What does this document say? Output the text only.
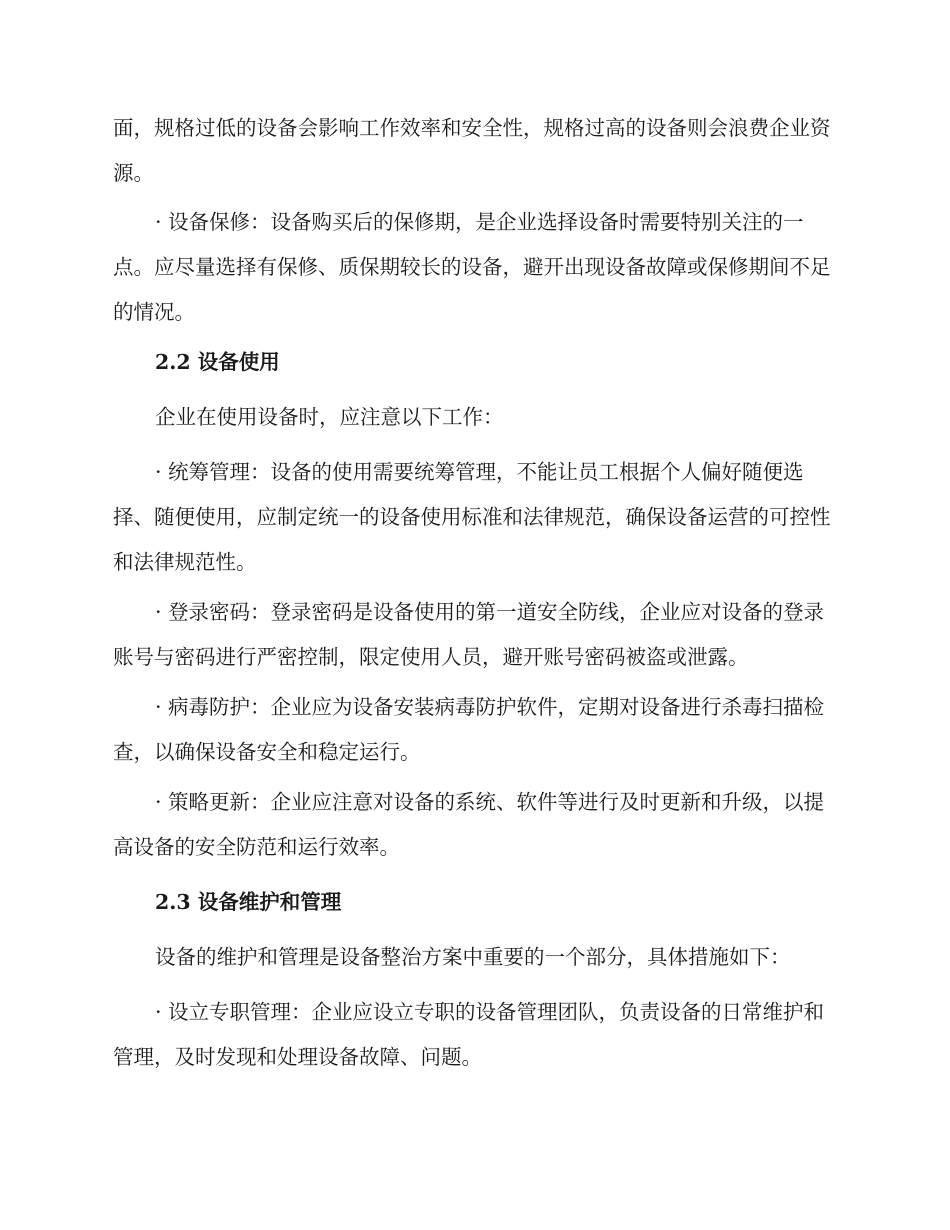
面，规格过低的设备会影响工作效率和安全性，规格过高的设备则会浪费企业资源。

· 设备保修：设备购买后的保修期，是企业选择设备时需要特别关注的一点。应尽量选择有保修、质保期较长的设备，避开出现设备故障或保修期间不足的情况。

2.2 设备使用

企业在使用设备时，应注意以下工作：

· 统筹管理：设备的使用需要统筹管理，不能让员工根据个人偏好随便选择、随便使用，应制定统一的设备使用标准和法律规范，确保设备运营的可控性和法律规范性。

· 登录密码：登录密码是设备使用的第一道安全防线，企业应对设备的登录账号与密码进行严密控制，限定使用人员，避开账号密码被盗或泄露。

· 病毒防护：企业应为设备安装病毒防护软件，定期对设备进行杀毒扫描检查，以确保设备安全和稳定运行。

· 策略更新：企业应注意对设备的系统、软件等进行及时更新和升级，以提高设备的安全防范和运行效率。

2.3 设备维护和管理

设备的维护和管理是设备整治方案中重要的一个部分，具体措施如下：

· 设立专职管理：企业应设立专职的设备管理团队，负责设备的日常维护和管理，及时发现和处理设备故障、问题。
